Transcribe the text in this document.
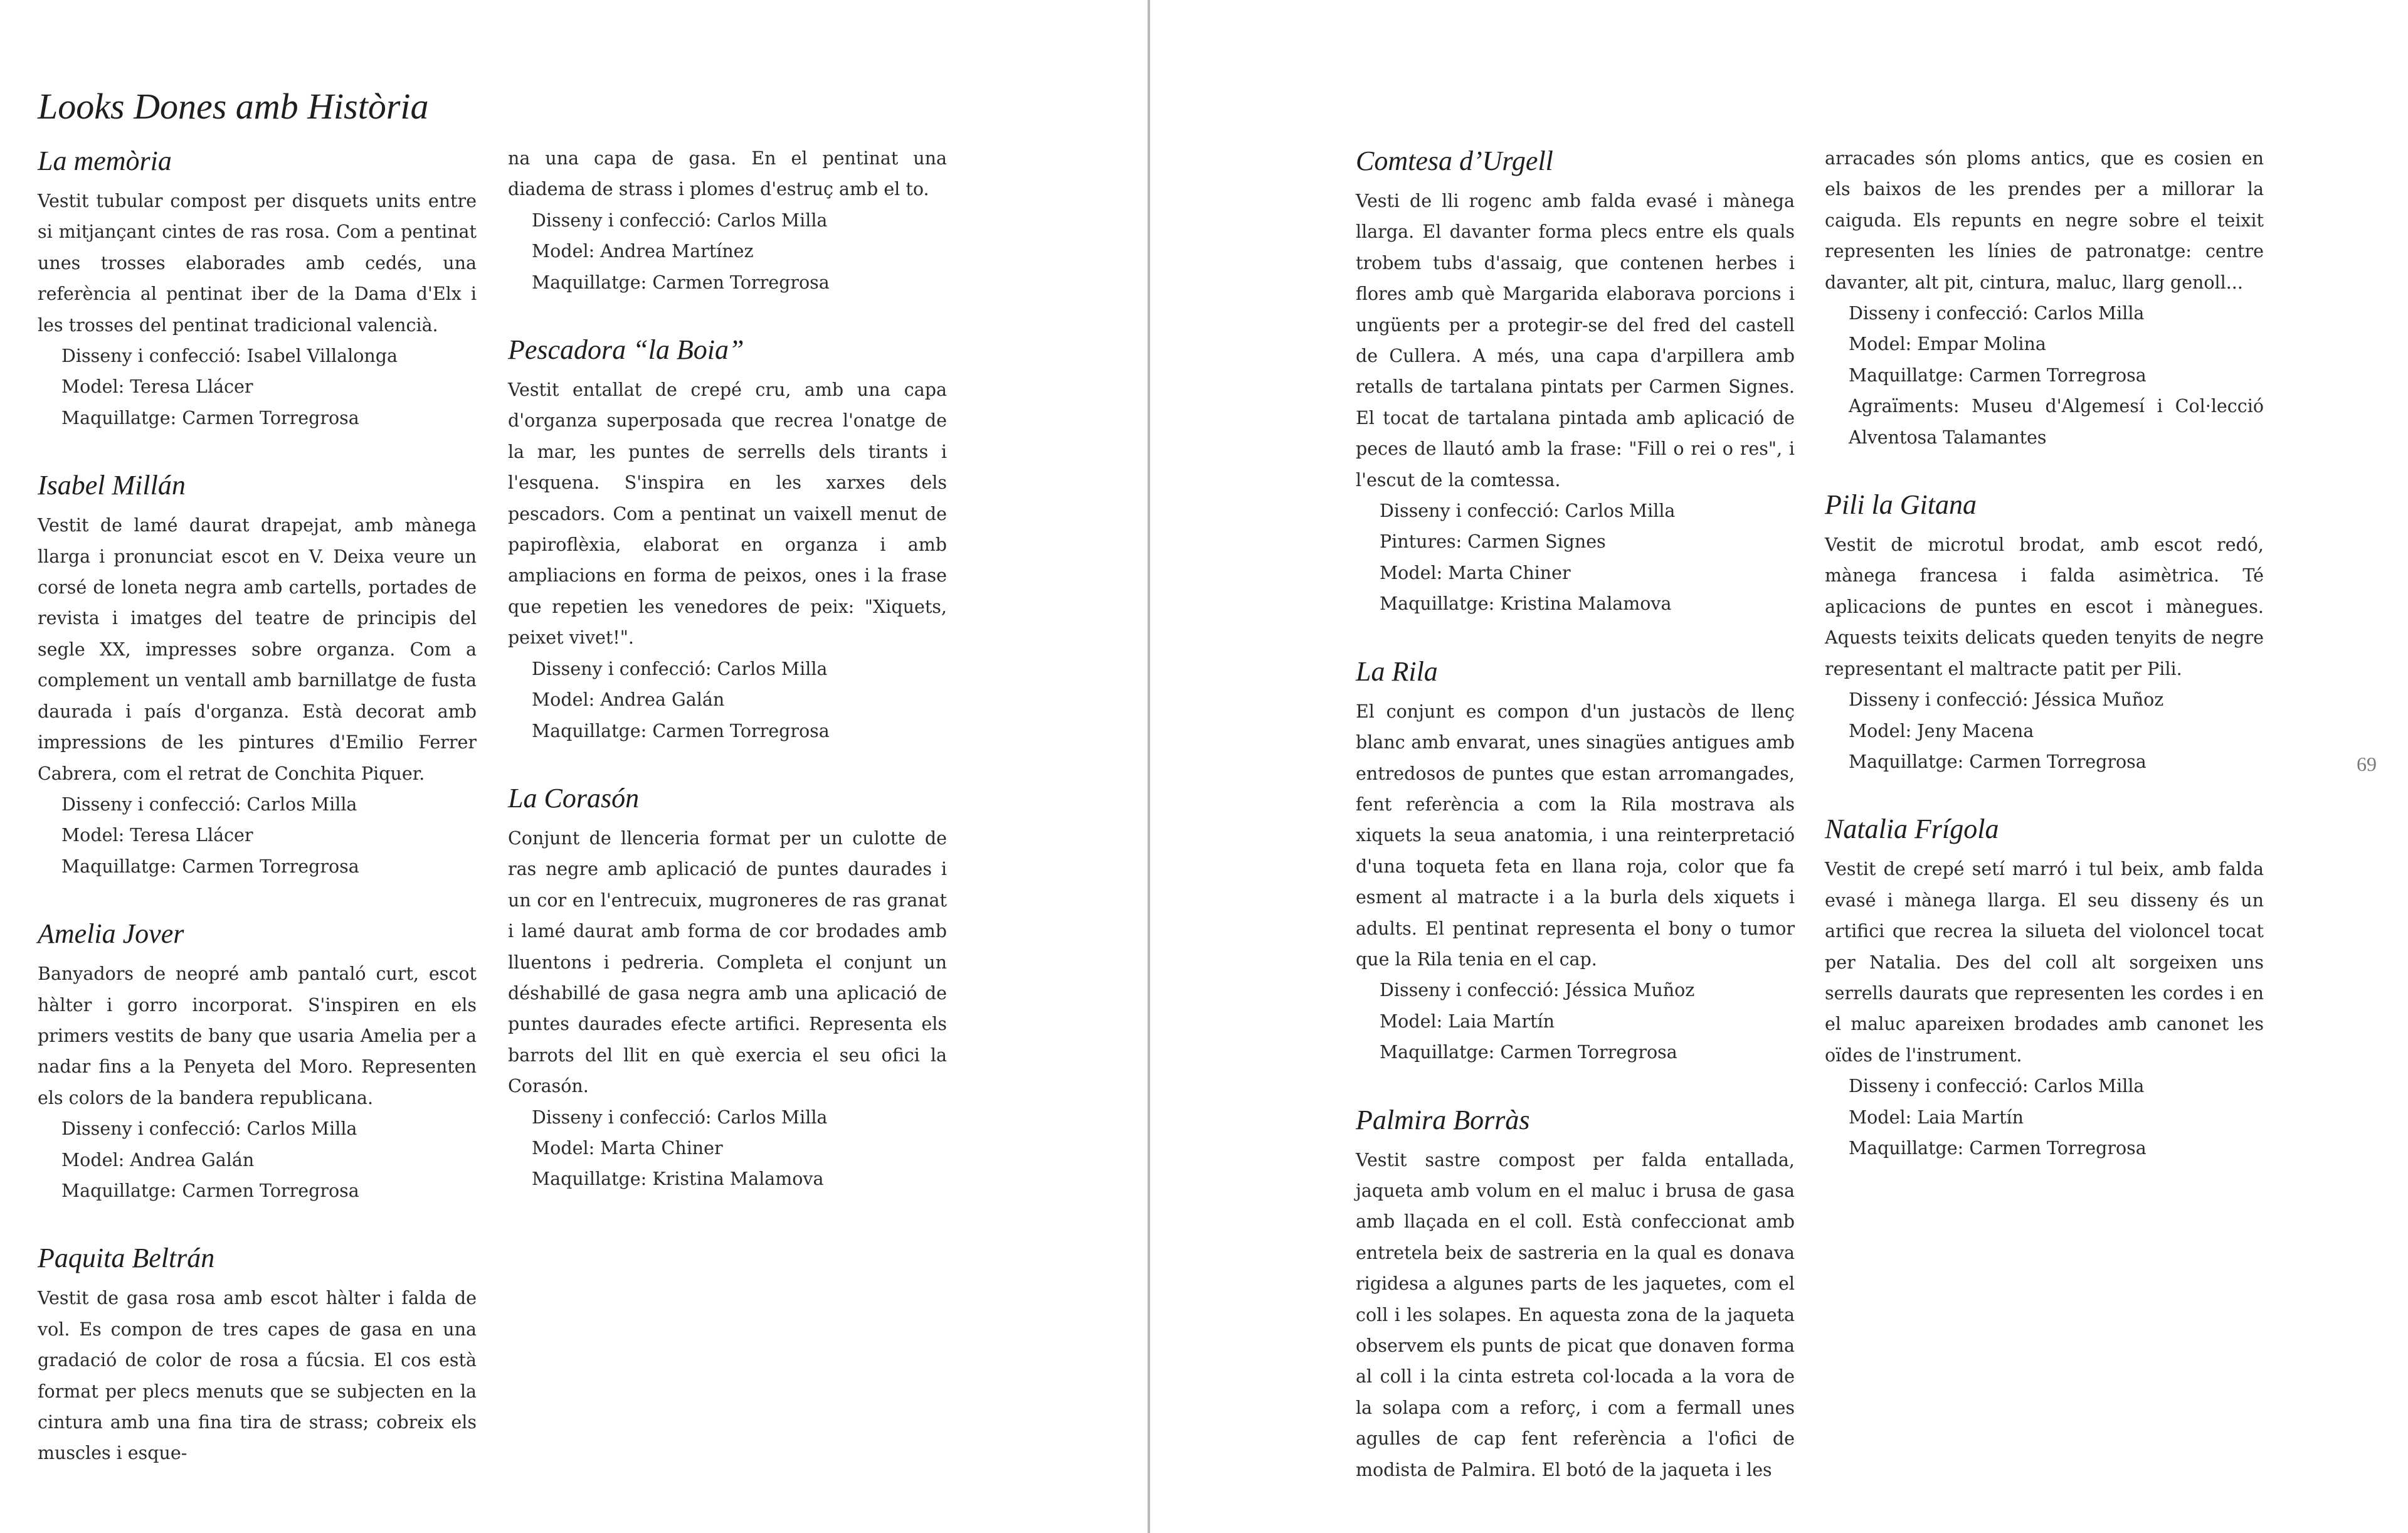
Looks Dones amb Història
La memòria

Vestit tubular compost per disquets units entre si mitjançant cintes de ras rosa. Com a pentinat unes trosses elaborades amb cedés, una referència al pentinat iber de la Dama d'Elx i les trosses del pentinat tradicional valencià.

Disseny i confecció: Isabel Villalonga
Model: Teresa Llácer
Maquillatge: Carmen Torregrosa
Isabel Millán

Vestit de lamé daurat drapejat, amb mànega llarga i pronunciat escot en V. Deixa veure un corsé de loneta negra amb cartells, portades de revista i imatges del teatre de principis del segle XX, impresses sobre organza. Com a complement un ventall amb barnillatge de fusta daurada i país d'organza. Està decorat amb impressions de les pintures d'Emilio Ferrer Cabrera, com el retrat de Conchita Piquer.

Disseny i confecció: Carlos Milla
Model: Teresa Llácer
Maquillatge: Carmen Torregrosa
Amelia Jover

Banyadors de neopré amb pantaló curt, escot hàlter i gorro incorporat. S'inspiren en els primers vestits de bany que usaria Amelia per a nadar fins a la Penyeta del Moro. Representen els colors de la bandera republicana.

Disseny i confecció: Carlos Milla
Model: Andrea Galán
Maquillatge: Carmen Torregrosa
Paquita Beltrán

Vestit de gasa rosa amb escot hàlter i falda de vol. Es compon de tres capes de gasa en una gradació de color de rosa a fúcsia. El cos està format per plecs menuts que se subjecten en la cintura amb una fina tira de strass; cobreix els muscles i esque-

na una capa de gasa. En el pentinat una diadema de strass i plomes d'estruç amb el to.

Disseny i confecció: Carlos Milla
Model: Andrea Martínez
Maquillatge: Carmen Torregrosa
Pescadora “la Boia”

Vestit entallat de crepé cru, amb una capa d'organza superposada que recrea l'onatge de la mar, les puntes de serrells dels tirants i l'esquena. S'inspira en les xarxes dels pescadors. Com a pentinat un vaixell menut de papiroflèxia, elaborat en organza i amb ampliacions en forma de peixos, ones i la frase que repetien les venedores de peix: "Xiquets, peixet vivet!".

Disseny i confecció: Carlos Milla
Model: Andrea Galán
Maquillatge: Carmen Torregrosa
La Corasón

Conjunt de llenceria format per un culotte de ras negre amb aplicació de puntes daurades i un cor en l'entrecuix, mugroneres de ras granat i lamé daurat amb forma de cor brodades amb lluentons i pedreria. Completa el conjunt un déshabillé de gasa negra amb una aplicació de puntes daurades efecte artifici. Representa els barrots del llit en què exercia el seu ofici la Corasón.

Disseny i confecció: Carlos Milla
Model: Marta Chiner
Maquillatge: Kristina Malamova
Comtesa d’Urgell

Vesti de lli rogenc amb falda evasé i mànega llarga. El davanter forma plecs entre els quals trobem tubs d'assaig, que contenen herbes i flores amb què Margarida elaborava porcions i ungüents per a protegir-se del fred del castell de Cullera. A més, una capa d'arpillera amb retalls de tartalana pintats per Carmen Signes. El tocat de tartalana pintada amb aplicació de peces de llautó amb la frase: "Fill o rei o res", i l'escut de la comtessa.

Disseny i confecció: Carlos Milla
Pintures: Carmen Signes
Model: Marta Chiner
Maquillatge: Kristina Malamova
La Rila

El conjunt es compon d'un justacòs de llenç blanc amb envarat, unes sinagües antigues amb entredosos de puntes que estan arromangades, fent referència a com la Rila mostrava als xiquets la seua anatomia, i una reinterpretació d'una toqueta feta en llana roja, color que fa esment al matracte i a la burla dels xiquets i adults. El pentinat representa el bony o tumor que la Rila tenia en el cap.

Disseny i confecció: Jéssica Muñoz
Model: Laia Martín
Maquillatge: Carmen Torregrosa
Palmira Borràs

Vestit sastre compost per falda entallada, jaqueta amb volum en el maluc i brusa de gasa amb llaçada en el coll. Està confeccionat amb entretela beix de sastreria en la qual es donava rigidesa a algunes parts de les jaquetes, com el coll i les solapes. En aquesta zona de la jaqueta observem els punts de picat que donaven forma al coll i la cinta estreta col·locada a la vora de la solapa com a reforç, i com a fermall unes agulles de cap fent referència a l'ofici de modista de Palmira. El botó de la jaqueta i les

arracades són ploms antics, que es cosien en els baixos de les prendes per a millorar la caiguda. Els repunts en negre sobre el teixit representen les línies de patronatge: centre davanter, alt pit, cintura, maluc, llarg genoll...

Disseny i confecció: Carlos Milla
Model: Empar Molina
Maquillatge: Carmen Torregrosa
Agraïments: Museu d'Algemesí i Col·lecció Alventosa Talamantes
Pili la Gitana

Vestit de microtul brodat, amb escot redó, mànega francesa i falda asimètrica. Té aplicacions de puntes en escot i mànegues. Aquests teixits delicats queden tenyits de negre representant el maltracte patit per Pili.

Disseny i confecció: Jéssica Muñoz
Model: Jeny Macena
Maquillatge: Carmen Torregrosa
Natalia Frígola

Vestit de crepé setí marró i tul beix, amb falda evasé i mànega llarga. El seu disseny és un artifici que recrea la silueta del violoncel tocat per Natalia. Des del coll alt sorgeixen uns serrells daurats que representen les cordes i en el maluc apareixen brodades amb canonet les oïdes de l'instrument.

Disseny i confecció: Carlos Milla
Model: Laia Martín
Maquillatge: Carmen Torregrosa

69
